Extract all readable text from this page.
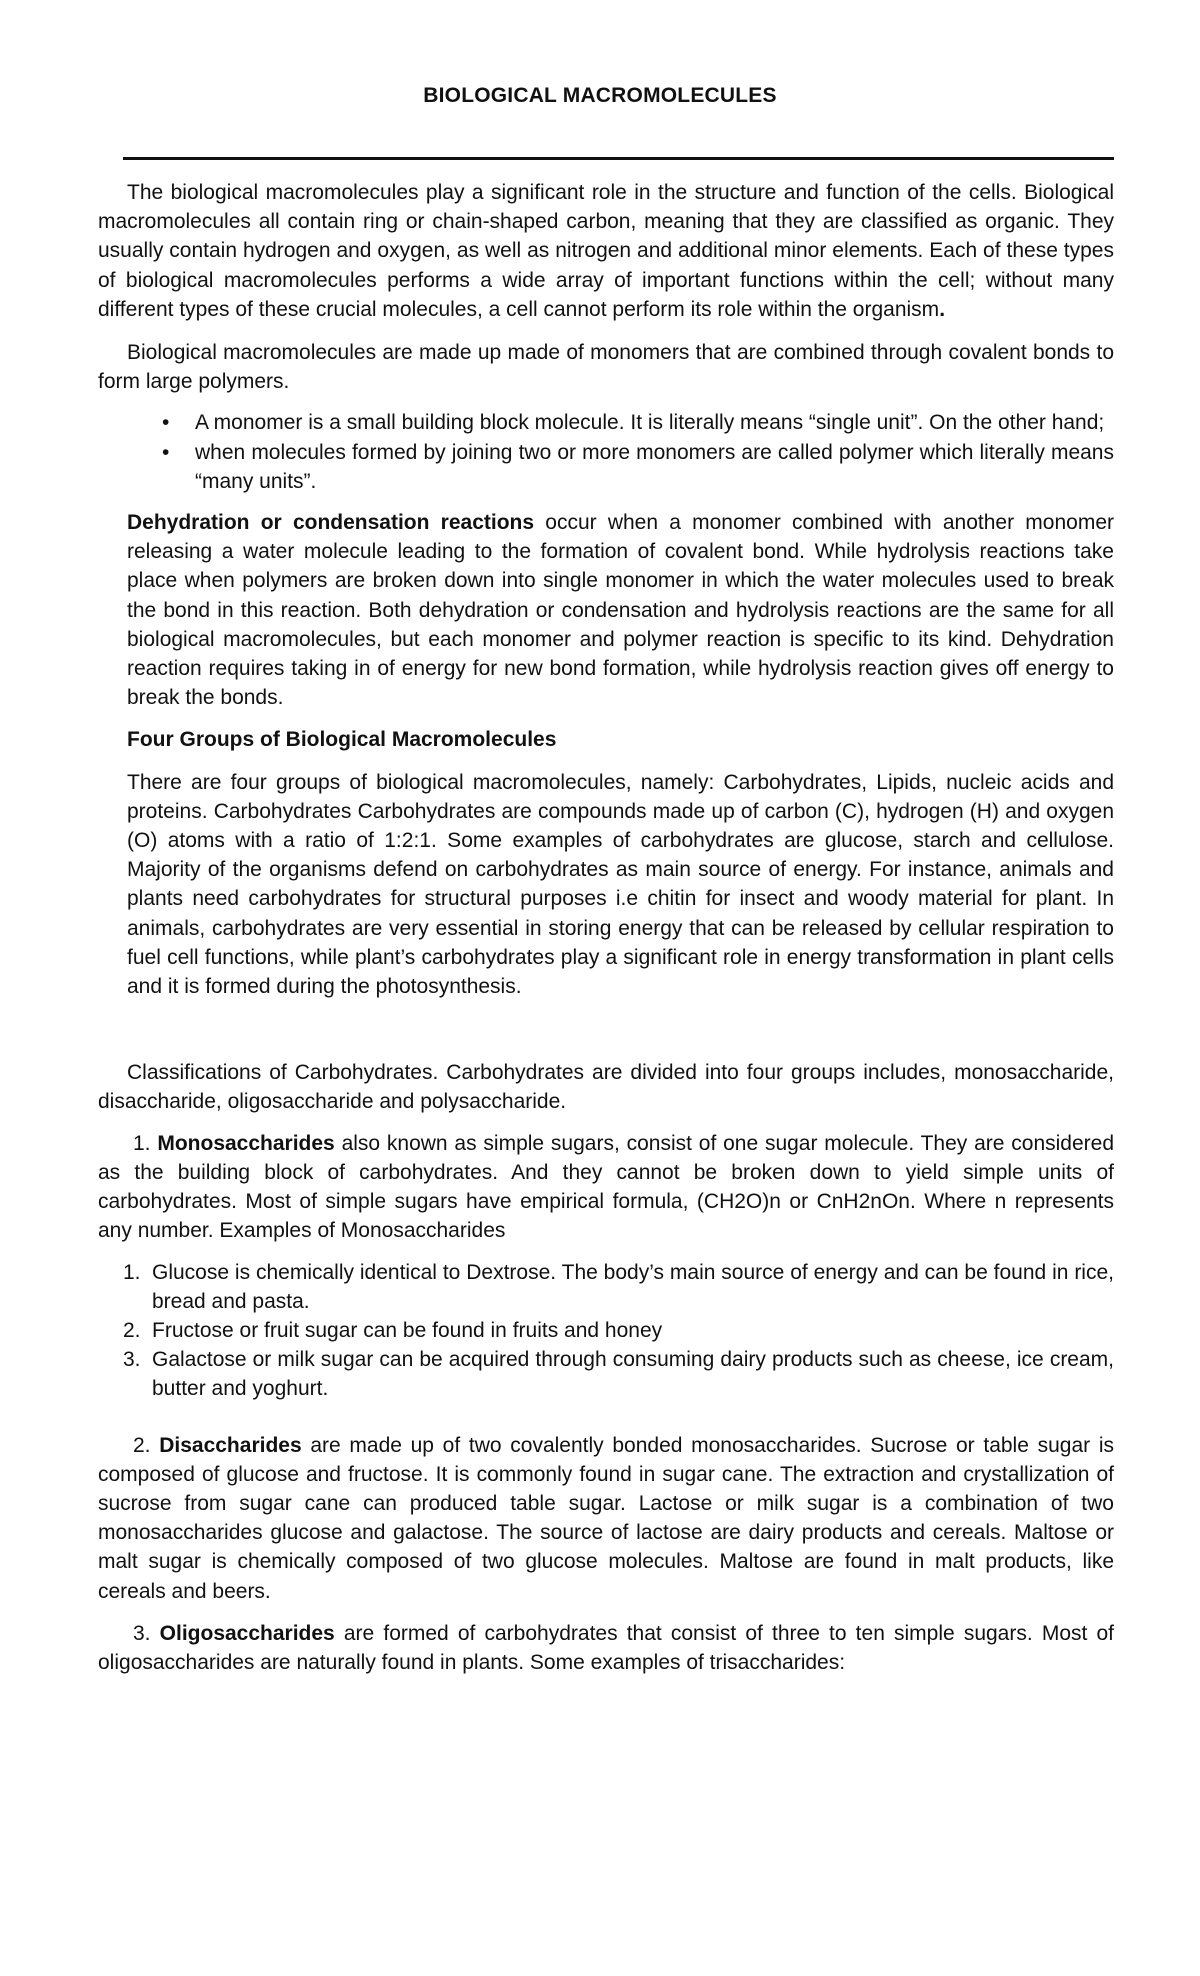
BIOLOGICAL MACROMOLECULES

The biological macromolecules play a significant role in the structure and function of the cells. Biological macromolecules all contain ring or chain-shaped carbon, meaning that they are classified as organic. They usually contain hydrogen and oxygen, as well as nitrogen and additional minor elements. Each of these types of biological macromolecules performs a wide array of important functions within the cell; without many different types of these crucial molecules, a cell cannot perform its role within the organism.

Biological macromolecules are made up made of monomers that are combined through covalent bonds to form large polymers.

• A monomer is a small building block molecule. It is literally means “single unit”. On the other hand;
• when molecules formed by joining two or more monomers are called polymer which literally means “many units”.

Dehydration or condensation reactions occur when a monomer combined with another monomer releasing a water molecule leading to the formation of covalent bond. While hydrolysis reactions take place when polymers are broken down into single monomer in which the water molecules used to break the bond in this reaction. Both dehydration or condensation and hydrolysis reactions are the same for all biological macromolecules, but each monomer and polymer reaction is specific to its kind. Dehydration reaction requires taking in of energy for new bond formation, while hydrolysis reaction gives off energy to break the bonds.

Four Groups of Biological Macromolecules

There are four groups of biological macromolecules, namely: Carbohydrates, Lipids, nucleic acids and proteins. Carbohydrates Carbohydrates are compounds made up of carbon (C), hydrogen (H) and oxygen (O) atoms with a ratio of 1:2:1. Some examples of carbohydrates are glucose, starch and cellulose. Majority of the organisms defend on carbohydrates as main source of energy. For instance, animals and plants need carbohydrates for structural purposes i.e chitin for insect and woody material for plant. In animals, carbohydrates are very essential in storing energy that can be released by cellular respiration to fuel cell functions, while plant’s carbohydrates play a significant role in energy transformation in plant cells and it is formed during the photosynthesis.

Classifications of Carbohydrates. Carbohydrates are divided into four groups includes, monosaccharide, disaccharide, oligosaccharide and polysaccharide.

1. Monosaccharides also known as simple sugars, consist of one sugar molecule. They are considered as the building block of carbohydrates. And they cannot be broken down to yield simple units of carbohydrates. Most of simple sugars have empirical formula, (CH2O)n or CnH2nOn. Where n represents any number. Examples of Monosaccharides

1. Glucose is chemically identical to Dextrose. The body’s main source of energy and can be found in rice, bread and pasta.
2. Fructose or fruit sugar can be found in fruits and honey
3. Galactose or milk sugar can be acquired through consuming dairy products such as cheese, ice cream, butter and yoghurt.

2. Disaccharides are made up of two covalently bonded monosaccharides. Sucrose or table sugar is composed of glucose and fructose. It is commonly found in sugar cane. The extraction and crystallization of sucrose from sugar cane can produced table sugar. Lactose or milk sugar is a combination of two monosaccharides glucose and galactose. The source of lactose are dairy products and cereals. Maltose or malt sugar is chemically composed of two glucose molecules. Maltose are found in malt products, like cereals and beers.

3. Oligosaccharides are formed of carbohydrates that consist of three to ten simple sugars. Most of oligosaccharides are naturally found in plants. Some examples of trisaccharides:
